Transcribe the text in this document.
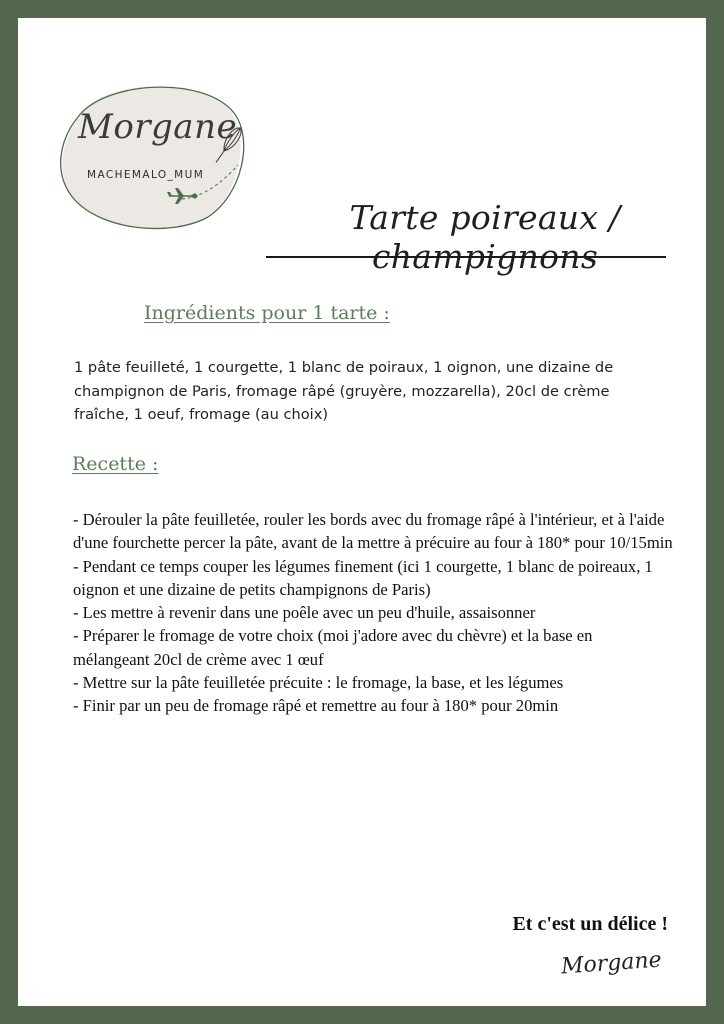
Morgane
MACHEMALO_MUM
Tarte poireaux / champignons
Ingrédients pour 1 tarte :
1 pâte feuilleté, 1 courgette, 1 blanc de poiraux, 1 oignon, une dizaine de champignon de Paris, fromage râpé (gruyère, mozzarella), 20cl de crème fraîche, 1 oeuf, fromage (au choix)
Recette :
- Dérouler la pâte feuilletée, rouler les bords avec du fromage râpé à l'intérieur, et à l'aide d'une fourchette percer la pâte, avant de la mettre à précuire au four à 180* pour 10/15min
- Pendant ce temps couper les légumes finement (ici 1 courgette, 1 blanc de poireaux, 1 oignon et une dizaine de petits champignons de Paris)
- Les mettre à revenir dans une poêle avec un peu d'huile, assaisonner
- Préparer le fromage de votre choix (moi j'adore avec du chèvre) et la base en mélangeant 20cl de crème avec 1 œuf
- Mettre sur la pâte feuilletée précuite : le fromage, la base, et les légumes
- Finir par un peu de fromage râpé et remettre au four à 180* pour 20min
Et c'est un délice !
Morgane
